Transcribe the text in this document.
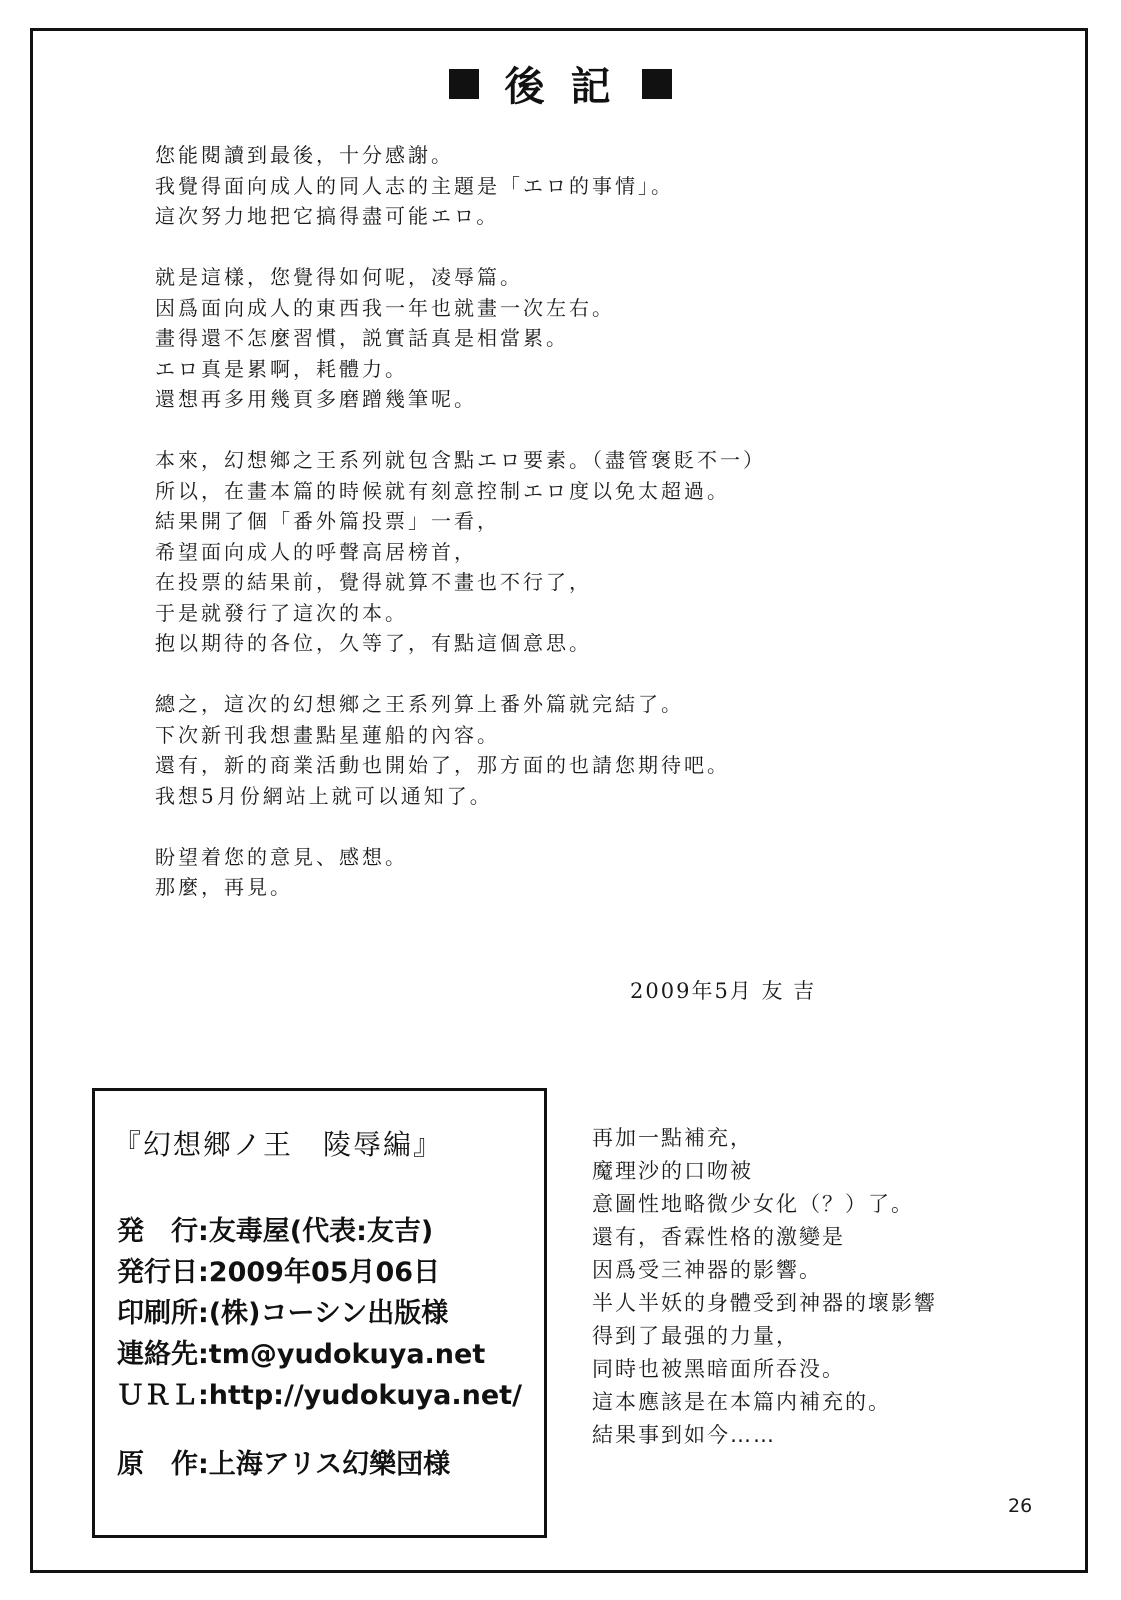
後 記

您能閱讀到最後，十分感謝。
我覺得面向成人的同人志的主題是「エロ的事情」。
這次努力地把它搞得盡可能エロ。

就是這樣，您覺得如何呢，凌辱篇。
因爲面向成人的東西我一年也就畫一次左右。
畫得還不怎麼習慣，説實話真是相當累。
エロ真是累啊，耗體力。
還想再多用幾頁多磨蹭幾筆呢。

本來，幻想鄉之王系列就包含點エロ要素。（盡管褒貶不一）
所以，在畫本篇的時候就有刻意控制エロ度以免太超過。
結果開了個「番外篇投票」一看，
希望面向成人的呼聲高居榜首，
在投票的結果前，覺得就算不畫也不行了，
于是就發行了這次的本。
抱以期待的各位，久等了，有點這個意思。

總之，這次的幻想鄉之王系列算上番外篇就完結了。
下次新刊我想畫點星蓮船的內容。
還有，新的商業活動也開始了，那方面的也請您期待吧。
我想5月份網站上就可以通知了。

盼望着您的意見、感想。
那麼，再見。

2009年5月 友 吉
『幻想郷ノ王　陵辱編』
発　行:友毒屋(代表:友吉)
発行日:2009年05月06日
印刷所:(株)コーシン出版様
連絡先:tm@yudokuya.net
ＵＲＬ:http://yudokuya.net/
原　作:上海アリス幻樂団様
再加一點補充，
魔理沙的口吻被
意圖性地略微少女化（？）了。
還有，香霖性格的激變是
因爲受三神器的影響。
半人半妖的身體受到神器的壞影響
得到了最强的力量，
同時也被黑暗面所吞没。
這本應該是在本篇内補充的。
結果事到如今……
26
